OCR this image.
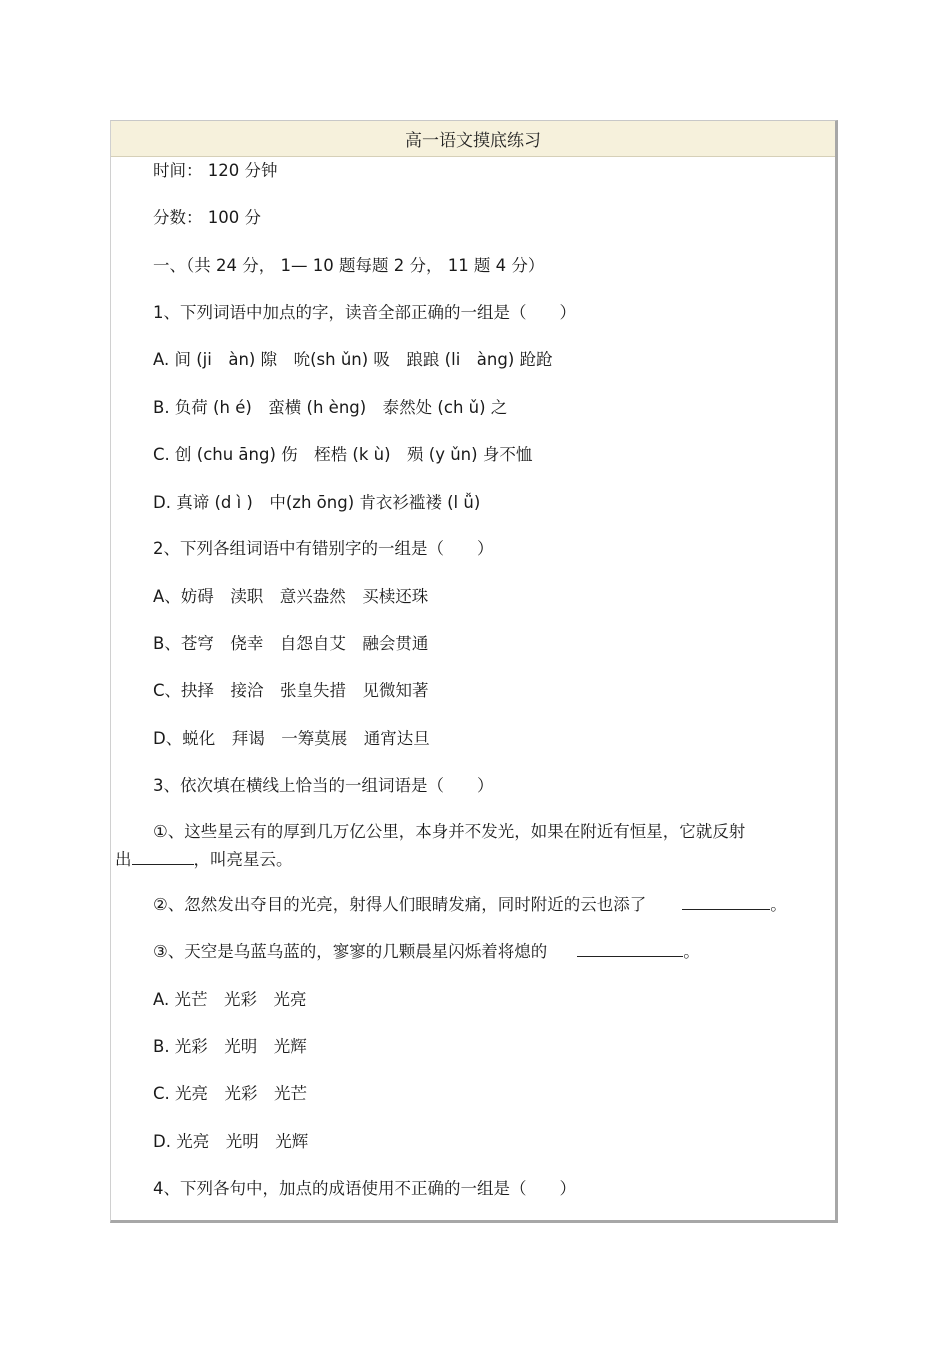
高一语文摸底练习
时间： 120 分钟
分数： 100 分
一、（共 24 分， 1— 10 题每题 2 分， 11 题 4 分）
1、下列词语中加点的字，读音全部正确的一组是（　　）
A. 间 (ji　àn) 隙　吮(sh ǔn) 吸　踉踉 (li　àng) 跄跄
B. 负荷 (h é)　蛮横 (h èng)　泰然处 (ch ǔ) 之
C. 创 (chu āng) 伤　桎梏 (k ù)　殒 (y ǔn) 身不恤
D. 真谛 (d ì )　中(zh ōng) 肯衣衫褴褛 (l ǚ)
2、下列各组词语中有错别字的一组是（　　）
A、妨碍　渎职　意兴盎然　买椟还珠
B、苍穹　侥幸　自怨自艾　融会贯通
C、抉择　接洽　张皇失措　见微知著
D、蜕化　拜谒　一筹莫展　通宵达旦
3、依次填在横线上恰当的一组词语是（　　）
①、这些星云有的厚到几万亿公里，本身并不发光，如果在附近有恒星，它就反射
出	，叫亮星云。
②、忽然发出夺目的光亮，射得人们眼睛发痛，同时附近的云也添了	。
③、天空是乌蓝乌蓝的，寥寥的几颗晨星闪烁着将熄的	。
A. 光芒　光彩　光亮
B. 光彩　光明　光辉
C. 光亮　光彩　光芒
D. 光亮　光明　光辉
4、下列各句中，加点的成语使用不正确的一组是（　　）
